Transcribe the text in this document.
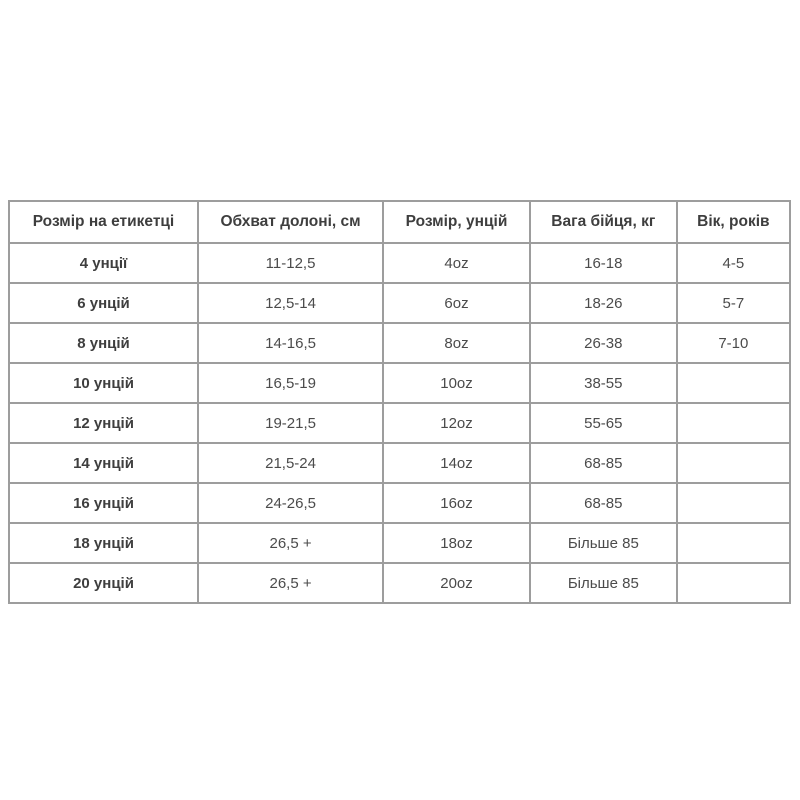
Розмір на етикетці	Обхват долоні, см	Розмір, унцій	Вага бійця, кг	Вік, років
4 унції	11-12,5	4oz	16-18	4-5
6 унцій	12,5-14	6oz	18-26	5-7
8 унцій	14-16,5	8oz	26-38	7-10
10 унцій	16,5-19	10oz	38-55	
12 унцій	19-21,5	12oz	55-65	
14 унцій	21,5-24	14oz	68-85	
16 унцій	24-26,5	16oz	68-85	
18 унцій	26,5 +	18oz	Більше 85	
20 унцій	26,5 +	20oz	Більше 85	
